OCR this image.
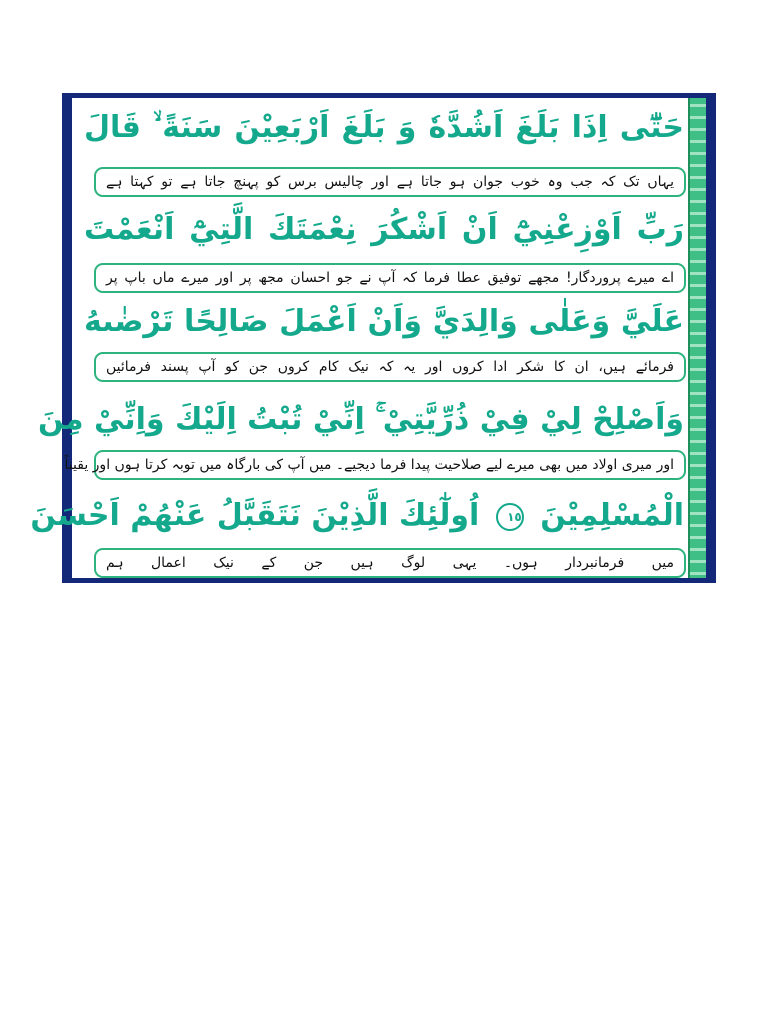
حَتّٰٓى اِذَا بَلَغَ اَشُدَّهٗ وَ بَلَغَ اَرْبَعِيْنَ سَنَةً ۙ قَالَ
یہاں تک کہ جب وہ خوب جوان ہو جاتا ہے اور چالیس برس کو پہنچ جاتا ہے تو کہتا ہے
رَبِّ اَوْزِعْنِيْٓ اَنْ اَشْكُرَ نِعْمَتَكَ الَّتِيْٓ اَنْعَمْتَ
اے میرے پروردگار! مجھے توفیق عطا فرما کہ آپ نے جو احسان مجھ پر اور میرے ماں باپ پر
عَلَيَّ وَعَلٰى وَالِدَيَّ وَاَنْ اَعْمَلَ صَالِحًا تَرْضٰىهُ
فرمائے ہیں، ان کا شکر ادا کروں اور یہ کہ نیک کام کروں جن کو آپ پسند فرمائیں
وَاَصْلِحْ لِيْ فِيْ ذُرِّيَّتِيْ ۚ اِنِّيْ تُبْتُ اِلَيْكَ وَاِنِّيْ مِنَ
اور میری اولاد میں بھی میرے لیے صلاحیت پیدا فرما دیجیے۔ میں آپ کی بارگاہ میں توبہ کرتا ہوں اور یقیناً
الْمُسْلِمِيْنَ ١٥ اُولٰٓئِكَ الَّذِيْنَ نَتَقَبَّلُ عَنْهُمْ اَحْسَنَ
میں فرمانبردار ہوں۔ یہی لوگ ہیں جن کے نیک اعمال ہم
